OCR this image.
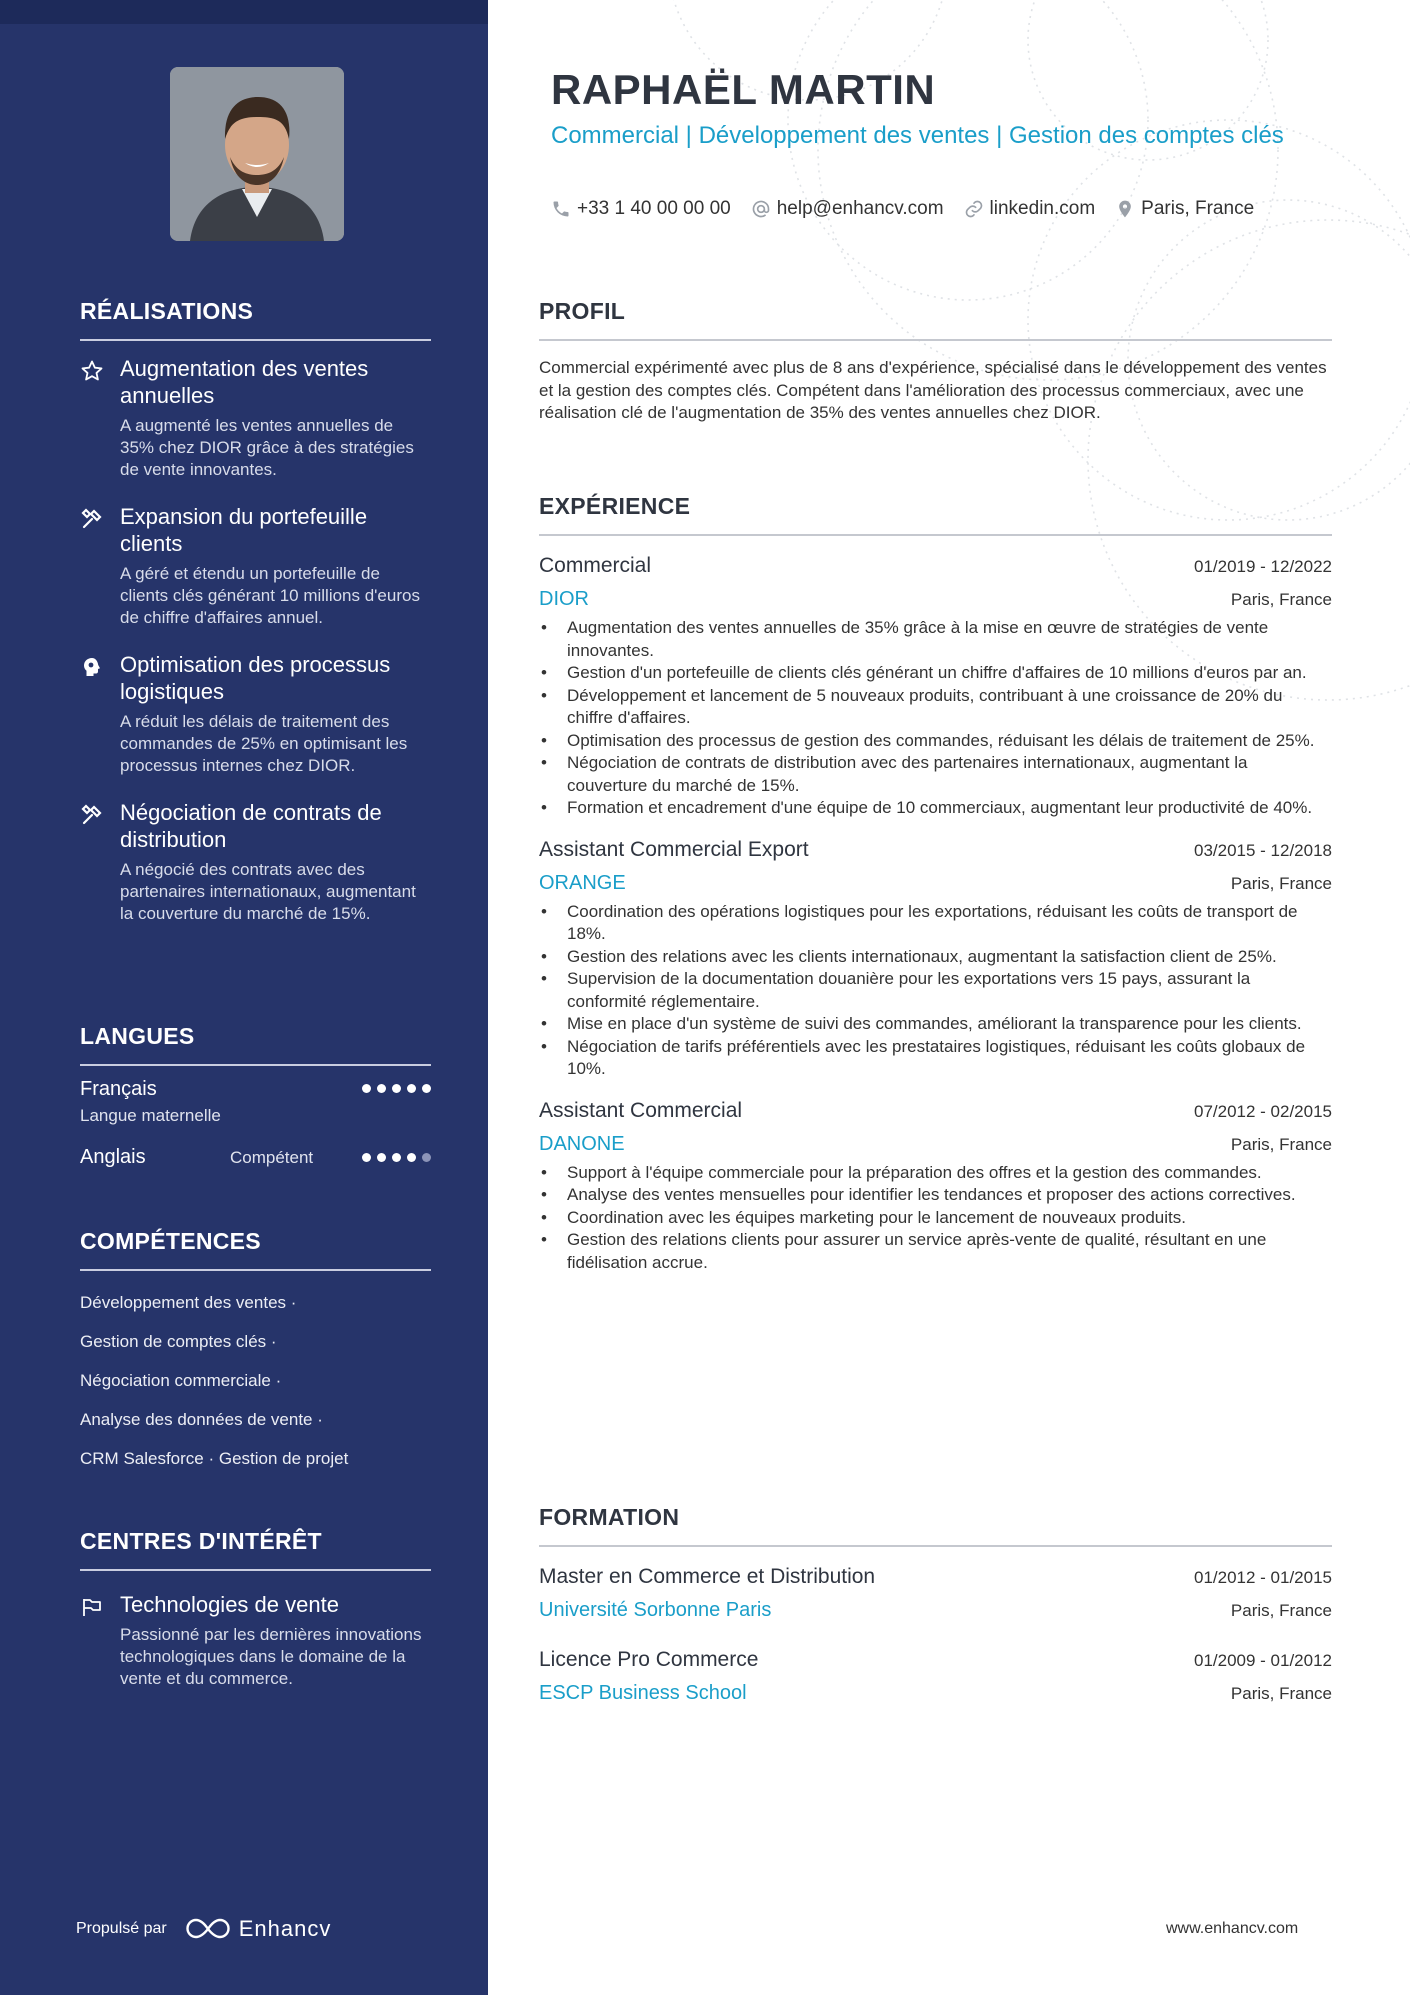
RÉALISATIONS
Augmentation des ventes annuelles
A augmenté les ventes annuelles de 35% chez DIOR grâce à des stratégies de vente innovantes.
Expansion du portefeuille clients
A géré et étendu un portefeuille de clients clés générant 10 millions d'euros de chiffre d'affaires annuel.
Optimisation des processus logistiques
A réduit les délais de traitement des commandes de 25% en optimisant les processus internes chez DIOR.
Négociation de contrats de distribution
A négocié des contrats avec des partenaires internationaux, augmentant la couverture du marché de 15%.
LANGUES
Français
Langue maternelle
Anglais	Compétent
COMPÉTENCES
Développement des ventes ·
Gestion de comptes clés ·
Négociation commerciale ·
Analyse des données de vente ·
CRM Salesforce · Gestion de projet
CENTRES D'INTÉRÊT
Technologies de vente
Passionné par les dernières innovations technologiques dans le domaine de la vente et du commerce.
Propulsé par	Enhancv
RAPHAËL MARTIN
Commercial | Développement des ventes | Gestion des comptes clés
+33 1 40 00 00 00 help@enhancv.com linkedin.com Paris, France
PROFIL

Commercial expérimenté avec plus de 8 ans d'expérience, spécialisé dans le développement des ventes et la gestion des comptes clés. Compétent dans l'amélioration des processus commerciaux, avec une réalisation clé de l'augmentation de 35% des ventes annuelles chez DIOR.

EXPÉRIENCE
Commercial	01/2019 - 12/2022
DIOR	Paris, France
• Augmentation des ventes annuelles de 35% grâce à la mise en œuvre de stratégies de vente innovantes.
• Gestion d'un portefeuille de clients clés générant un chiffre d'affaires de 10 millions d'euros par an.
• Développement et lancement de 5 nouveaux produits, contribuant à une croissance de 20% du chiffre d'affaires.
• Optimisation des processus de gestion des commandes, réduisant les délais de traitement de 25%.
• Négociation de contrats de distribution avec des partenaires internationaux, augmentant la couverture du marché de 15%.
• Formation et encadrement d'une équipe de 10 commerciaux, augmentant leur productivité de 40%.
Assistant Commercial Export	03/2015 - 12/2018
ORANGE	Paris, France
• Coordination des opérations logistiques pour les exportations, réduisant les coûts de transport de 18%.
• Gestion des relations avec les clients internationaux, augmentant la satisfaction client de 25%.
• Supervision de la documentation douanière pour les exportations vers 15 pays, assurant la conformité réglementaire.
• Mise en place d'un système de suivi des commandes, améliorant la transparence pour les clients.
• Négociation de tarifs préférentiels avec les prestataires logistiques, réduisant les coûts globaux de 10%.
Assistant Commercial	07/2012 - 02/2015
DANONE	Paris, France
• Support à l'équipe commerciale pour la préparation des offres et la gestion des commandes.
• Analyse des ventes mensuelles pour identifier les tendances et proposer des actions correctives.
• Coordination avec les équipes marketing pour le lancement de nouveaux produits.
• Gestion des relations clients pour assurer un service après-vente de qualité, résultant en une fidélisation accrue.
FORMATION
Master en Commerce et Distribution	01/2012 - 01/2015
Université Sorbonne Paris	Paris, France
Licence Pro Commerce	01/2009 - 01/2012
ESCP Business School	Paris, France
www.enhancv.com
